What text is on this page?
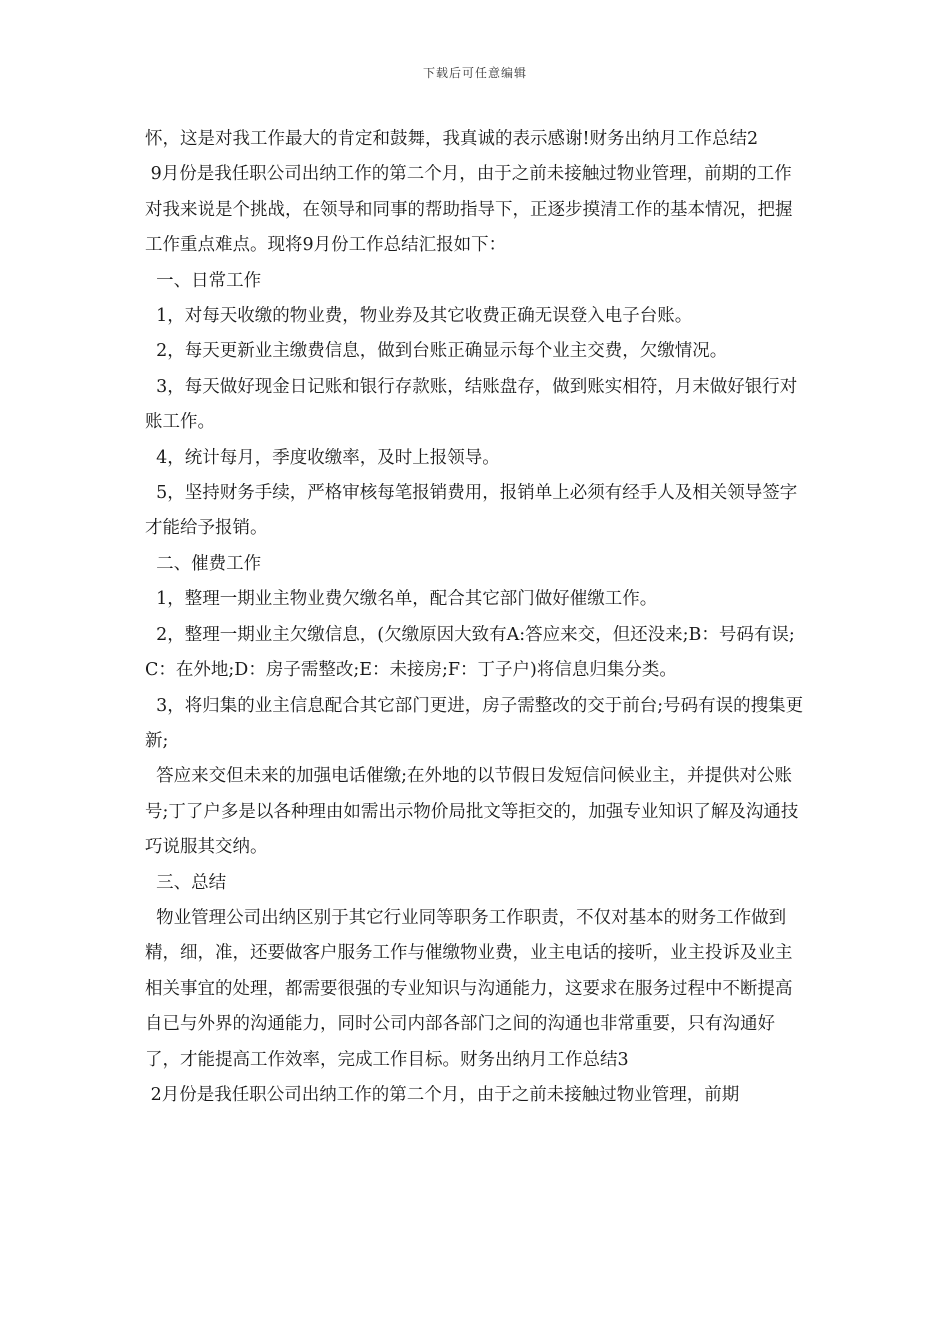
下载后可任意编辑

怀，这是对我工作最大的肯定和鼓舞，我真诚的表示感谢!财务出纳月工作总结2

9月份是我任职公司出纳工作的第二个月，由于之前未接触过物业管理，前期的工作对我来说是个挑战，在领导和同事的帮助指导下，正逐步摸清工作的基本情况，把握工作重点难点。现将9月份工作总结汇报如下：

一、日常工作

1，对每天收缴的物业费，物业券及其它收费正确无误登入电子台账。

2，每天更新业主缴费信息，做到台账正确显示每个业主交费，欠缴情况。

3，每天做好现金日记账和银行存款账，结账盘存，做到账实相符，月末做好银行对账工作。

4，统计每月，季度收缴率，及时上报领导。

5，坚持财务手续，严格审核每笔报销费用，报销单上必须有经手人及相关领导签字才能给予报销。

二、催费工作

1，整理一期业主物业费欠缴名单，配合其它部门做好催缴工作。

2，整理一期业主欠缴信息，(欠缴原因大致有A:答应来交，但还没来;B：号码有误;C：在外地;D：房子需整改;E：未接房;F：丁子户)将信息归集分类。

3，将归集的业主信息配合其它部门更进，房子需整改的交于前台;号码有误的搜集更新;

答应来交但未来的加强电话催缴;在外地的以节假日发短信问候业主，并提供对公账号;丁了户多是以各种理由如需出示物价局批文等拒交的，加强专业知识了解及沟通技巧说服其交纳。

三、总结

物业管理公司出纳区别于其它行业同等职务工作职责，不仅对基本的财务工作做到精，细，准，还要做客户服务工作与催缴物业费，业主电话的接听，业主投诉及业主相关事宜的处理，都需要很强的专业知识与沟通能力，这要求在服务过程中不断提高自已与外界的沟通能力，同时公司内部各部门之间的沟通也非常重要，只有沟通好了，才能提高工作效率，完成工作目标。财务出纳月工作总结3

2月份是我任职公司出纳工作的第二个月，由于之前未接触过物业管理，前期
